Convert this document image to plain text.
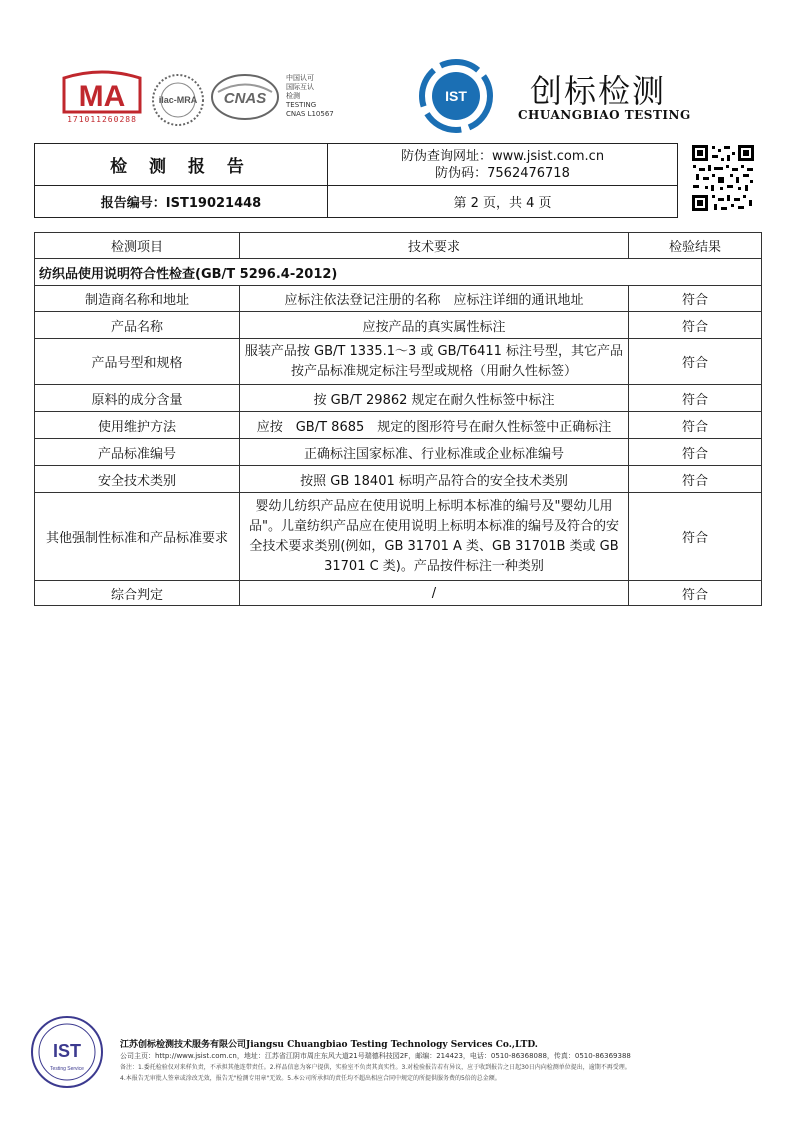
MA
171011260288
ilac-MRA CNAS
中国认可
国际互认
检测
TESTING
CNAS L10567
IST 创标检测
CHUANGBIAO TESTING
检 测 报 告	防伪查询网址：www.jsist.com.cn
防伪码：7562476718

报告编号：IST19021448	第 2 页，共 4 页
检测项目	技术要求	检验结果
纺织品使用说明符合性检查(GB/T 5296.4-2012)		
制造商名称和地址	应标注依法登记注册的名称　应标注详细的通讯地址	符合
产品名称	应按产品的真实属性标注	符合
产品号型和规格	服装产品按 GB/T 1335.1～3 或 GB/T6411 标注号型，其它产品按产品标准规定标注号型或规格（用耐久性标签）	符合
原料的成分含量	按 GB/T 29862 规定在耐久性标签中标注	符合
使用维护方法	应按　GB/T 8685　规定的图形符号在耐久性标签中正确标注	符合
产品标准编号	正确标注国家标准、行业标准或企业标准编号	符合
安全技术类别	按照 GB 18401 标明产品符合的安全技术类别	符合
其他强制性标准和产品标准要求	婴幼儿纺织产品应在使用说明上标明本标准的编号及"婴幼儿用品"。儿童纺织产品应在使用说明上标明本标准的编号及符合的安全技术要求类别(例如，GB 31701 A 类、GB 31701B 类或 GB 31701 C 类)。产品按件标注一种类别	符合
综合判定	/	符合
IST
Testing Service
江苏创标检测技术服务有限公司Jiangsu Chuangbiao Testing Technology Services Co.,LTD.
公司主页：http://www.jsist.com.cn，地址：江苏省江阴市周庄东风大道21号瑞德科技园2F，邮编：214423，电话：0510-86368088，传真：0510-86369388
备注：1.委托检验仅对来样负责，不承担其他连带责任。2.样品信息为客户提供，实验室不负责其真实性。3.对检验报告若有异议，应于收到报告之日起30日内向检测单位提出，逾期不再受理。
4.本报告无审批人签章或涂改无效，报告无"检测专用章"无效。5.本公司所承担的责任均不超出相应合同中规定的所提供服务费的5倍的总金额。
